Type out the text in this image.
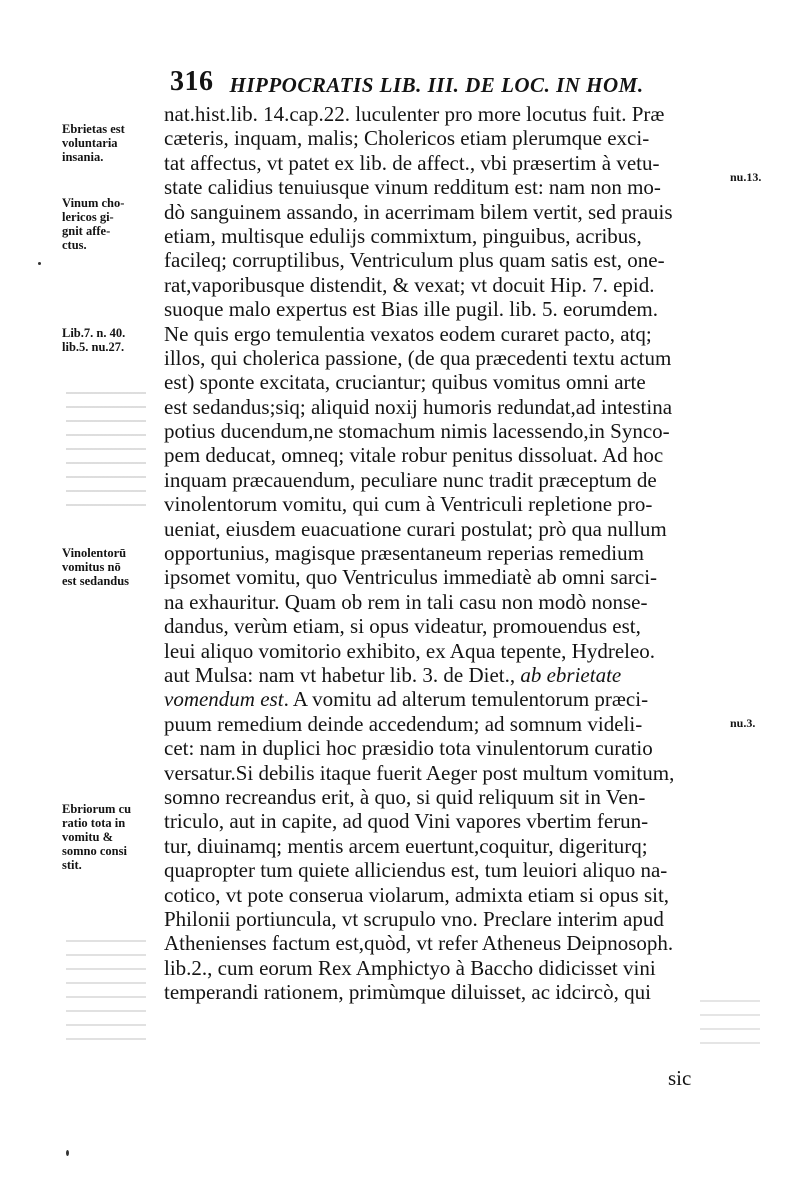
316 HIPPOCRATIS LIB. III. DE LOC. IN HOM.
nat.hist.lib. 14.cap.22. luculenter pro more locutus fuit. Præ
cæteris, inquam, malis; Cholericos etiam plerumque exci-
tat affectus, vt patet ex lib. de affect., vbi præsertim à vetu-
state calidius tenuiusque vinum redditum est: nam non mo-
dò sanguinem assando, in acerrimam bilem vertit, sed prauis
etiam, multisque edulijs commixtum, pinguibus, acribus,
facileq; corruptilibus, Ventriculum plus quam satis est, one-
rat,vaporibusque distendit, & vexat; vt docuit Hip. 7. epid.
suoque malo expertus est Bias ille pugil. lib. 5. eorumdem.
Ne quis ergo temulentia vexatos eodem curaret pacto, atq;
illos, qui cholerica passione, (de qua præcedenti textu actum
est) sponte excitata, cruciantur; quibus vomitus omni arte
est sedandus;siq; aliquid noxij humoris redundat,ad intestina
potius ducendum,ne stomachum nimis lacessendo,in Synco-
pem deducat, omneq; vitale robur penitus dissoluat. Ad hoc
inquam præcauendum, peculiare nunc tradit præceptum de
vinolentorum vomitu, qui cum à Ventriculi repletione pro-
ueniat, eiusdem euacuatione curari postulat; prò qua nullum
opportunius, magisque præsentaneum reperias remedium
ipsomet vomitu, quo Ventriculus immediatè ab omni sarci-
na exhauritur. Quam ob rem in tali casu non modò nonse-
dandus, verùm etiam, si opus videatur, promouendus est,
leui aliquo vomitorio exhibito, ex Aqua tepente, Hydreleo.
aut Mulsa: nam vt habetur lib. 3. de Diet., ab ebrietate
vomendum est. A vomitu ad alterum temulentorum præci-
puum remedium deinde accedendum; ad somnum videli-
cet: nam in duplici hoc præsidio tota vinulentorum curatio
versatur.Si debilis itaque fuerit Aeger post multum vomitum,
somno recreandus erit, à quo, si quid reliquum sit in Ven-
triculo, aut in capite, ad quod Vini vapores vbertim ferun-
tur, diuinamq; mentis arcem euertunt,coquitur, digeriturq;
quapropter tum quiete alliciendus est, tum leuiori aliquo na-
cotico, vt pote conserua violarum, admixta etiam si opus sit,
Philonii portiuncula, vt scrupulo vno. Preclare interim apud
Athenienses factum est,quòd, vt refer Atheneus Deipnosoph.
lib.2., cum eorum Rex Amphictyo à Baccho didicisset vini
temperandi rationem, primùmque diluisset, ac idcircò, qui
sic
Ebrietas est
voluntaria
insania.
Vinum cho-
lericos gi-
gnit affe-
ctus.
Lib.7. n. 40.
lib.5. nu.27.
Vinolentorū
vomitus nō
est sedandus
Ebriorum cu
ratio tota in
vomitu &
somno consi
stit.
nu.13.
nu.3.
